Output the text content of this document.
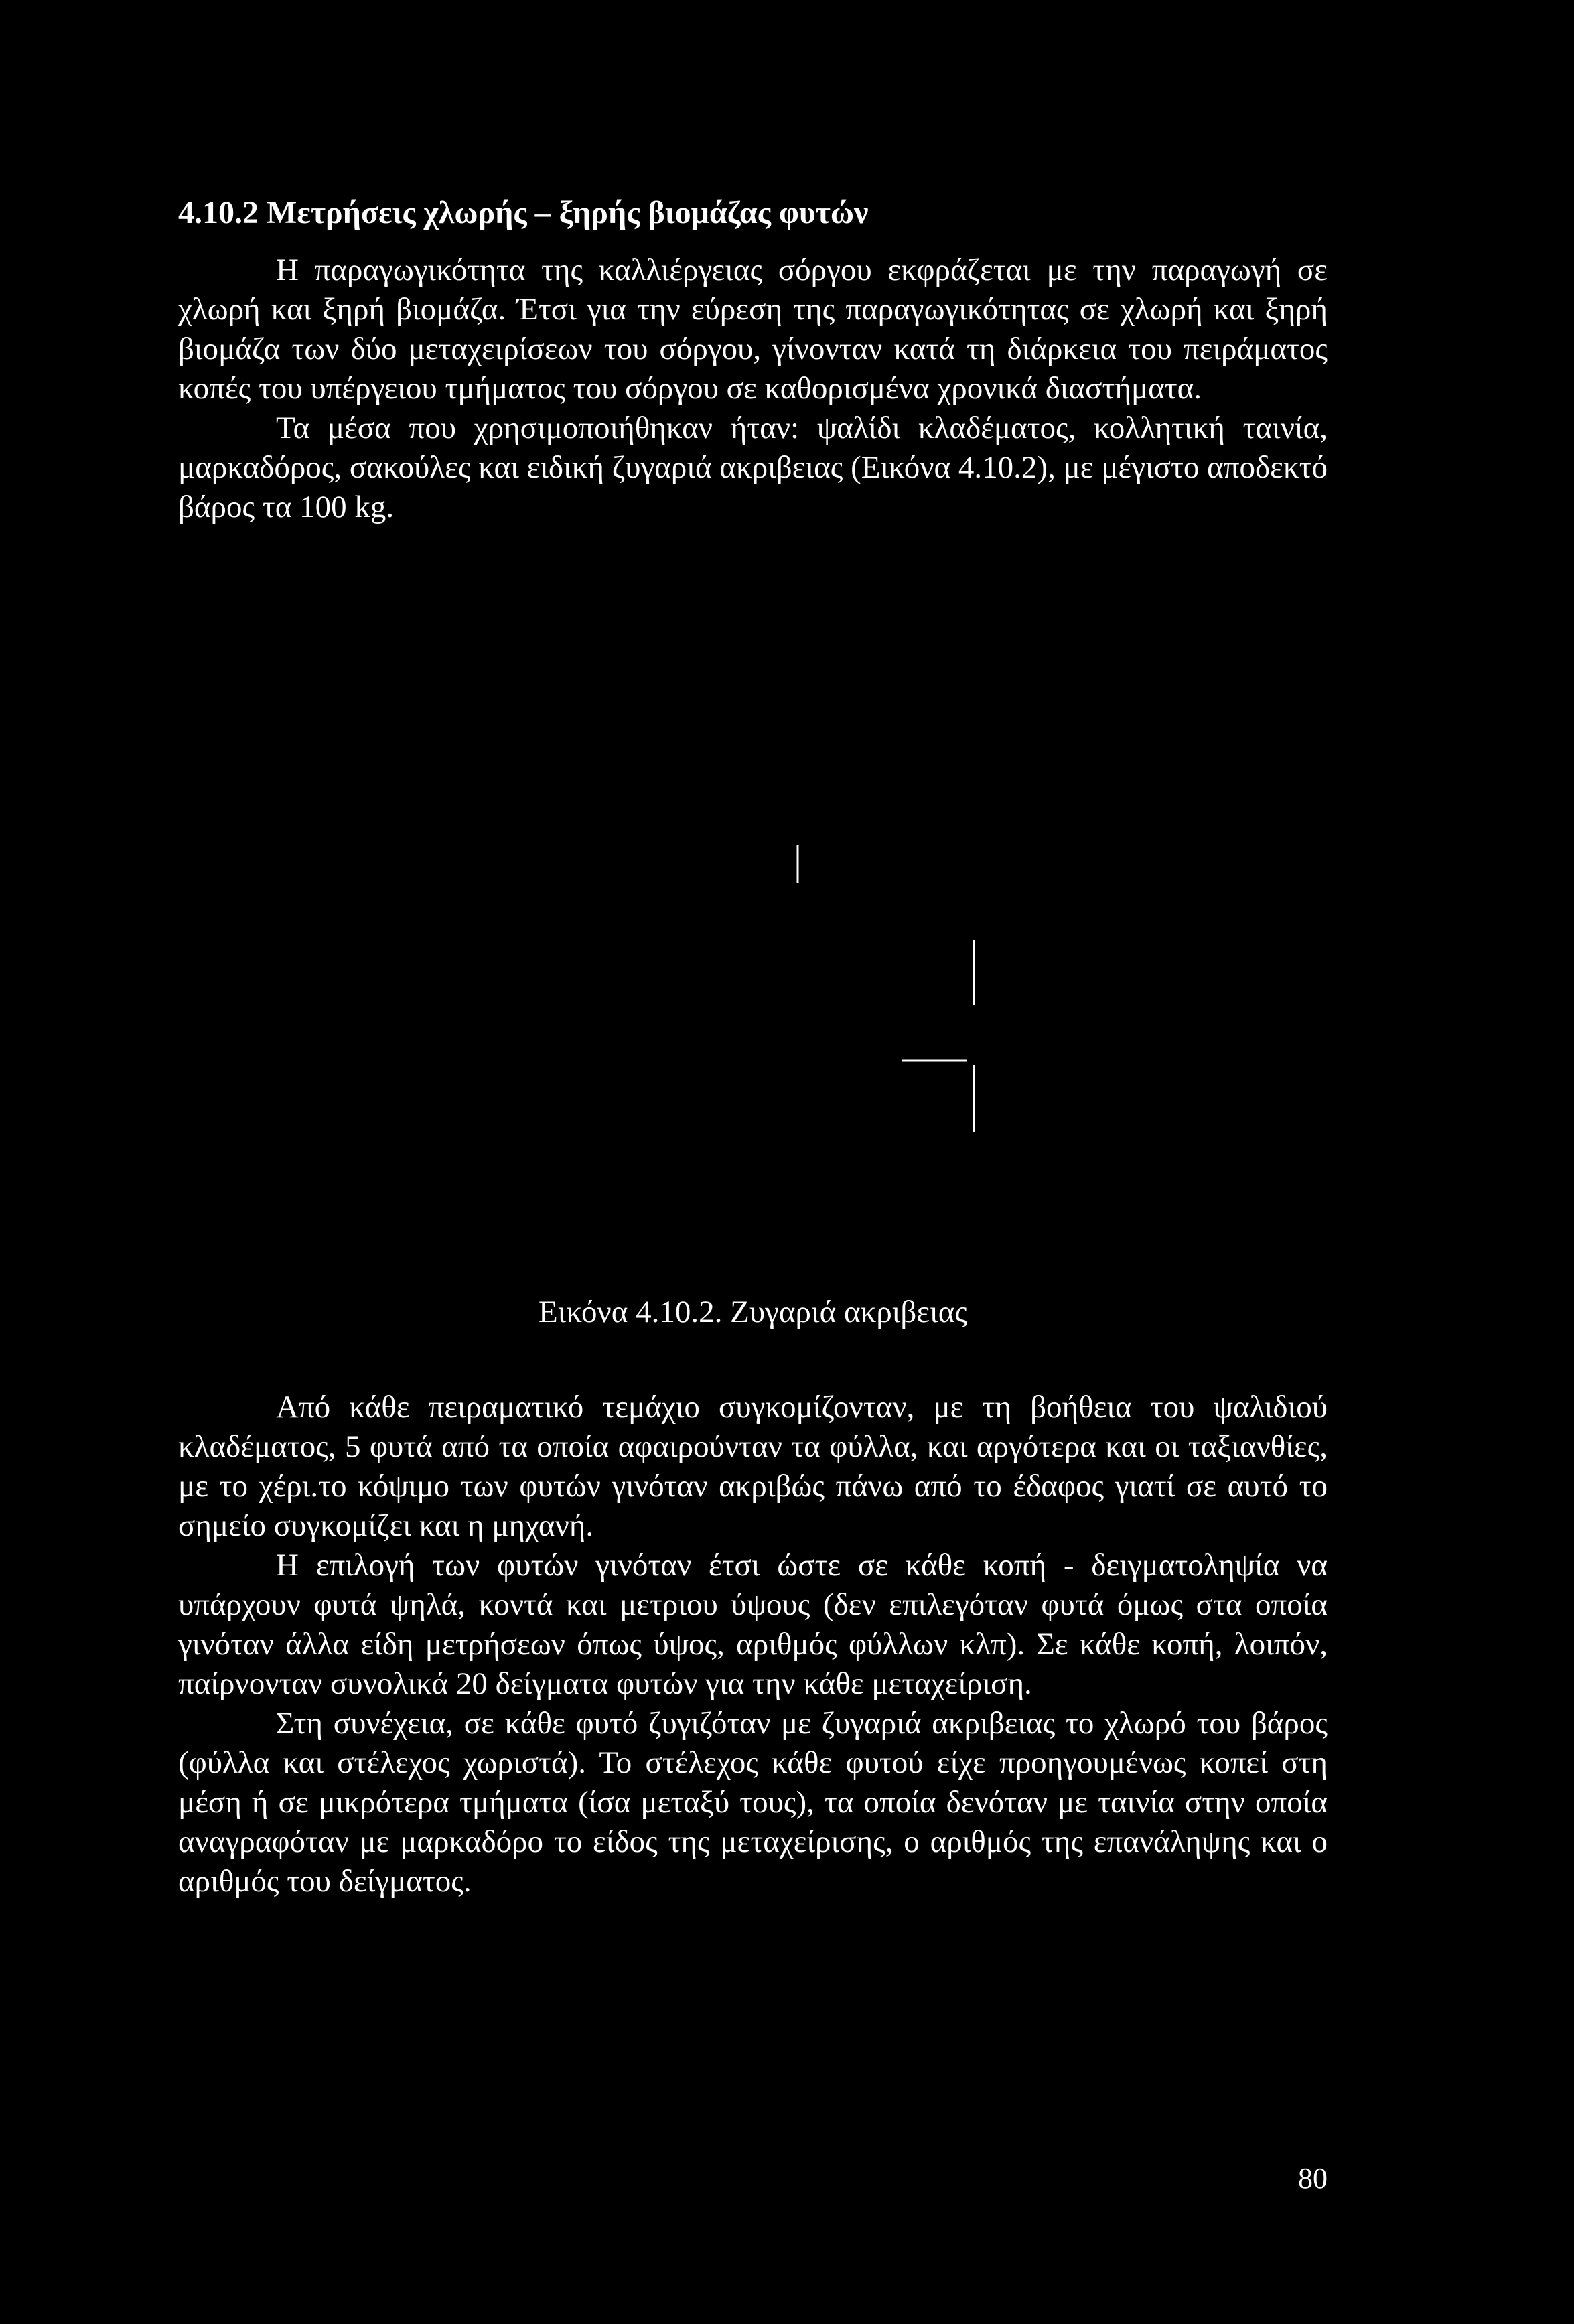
4.10.2 Μετρήσεις χλωρής – ξηρής βιομάζας φυτών

Η παραγωγικότητα της καλλιέργειας σόργου εκφράζεται με την παραγωγή σε χλωρή και ξηρή βιομάζα. Έτσι για την εύρεση της παραγωγικότητας σε χλωρή και ξηρή βιομάζα των δύο μεταχειρίσεων του σόργου, γίνονταν κατά τη διάρκεια του πειράματος κοπές του υπέργειου τμήματος του σόργου σε καθορισμένα χρονικά διαστήματα.

Τα μέσα που χρησιμοποιήθηκαν ήταν: ψαλίδι κλαδέματος, κολλητική ταινία, μαρκαδόρος, σακούλες και ειδική ζυγαριά ακριβειας (Εικόνα 4.10.2), με μέγιστο αποδεκτό βάρος τα 100 kg.

Εικόνα 4.10.2. Ζυγαριά ακριβειας

Από κάθε πειραματικό τεμάχιο συγκομίζονταν, με τη βοήθεια του ψαλιδιού κλαδέματος, 5 φυτά από τα οποία αφαιρούνταν τα φύλλα, και αργότερα και οι ταξιανθίες, με το χέρι.το κόψιμο των φυτών γινόταν ακριβώς πάνω από το έδαφος γιατί σε αυτό το σημείο συγκομίζει και η μηχανή.

Η επιλογή των φυτών γινόταν έτσι ώστε σε κάθε κοπή - δειγματοληψία να υπάρχουν φυτά ψηλά, κοντά και μετριου ύψους (δεν επιλεγόταν φυτά όμως στα οποία γινόταν άλλα είδη μετρήσεων όπως ύψος, αριθμός φύλλων κλπ). Σε κάθε κοπή, λοιπόν, παίρνονταν συνολικά 20 δείγματα φυτών για την κάθε μεταχείριση.

Στη συνέχεια, σε κάθε φυτό ζυγιζόταν με ζυγαριά ακριβειας το χλωρό του βάρος (φύλλα και στέλεχος χωριστά). Το στέλεχος κάθε φυτού είχε προηγουμένως κοπεί στη μέση ή σε μικρότερα τμήματα (ίσα μεταξύ τους), τα οποία δενόταν με ταινία στην οποία αναγραφόταν με μαρκαδόρο το είδος της μεταχείρισης, ο αριθμός της επανάληψης και ο αριθμός του δείγματος.

80
